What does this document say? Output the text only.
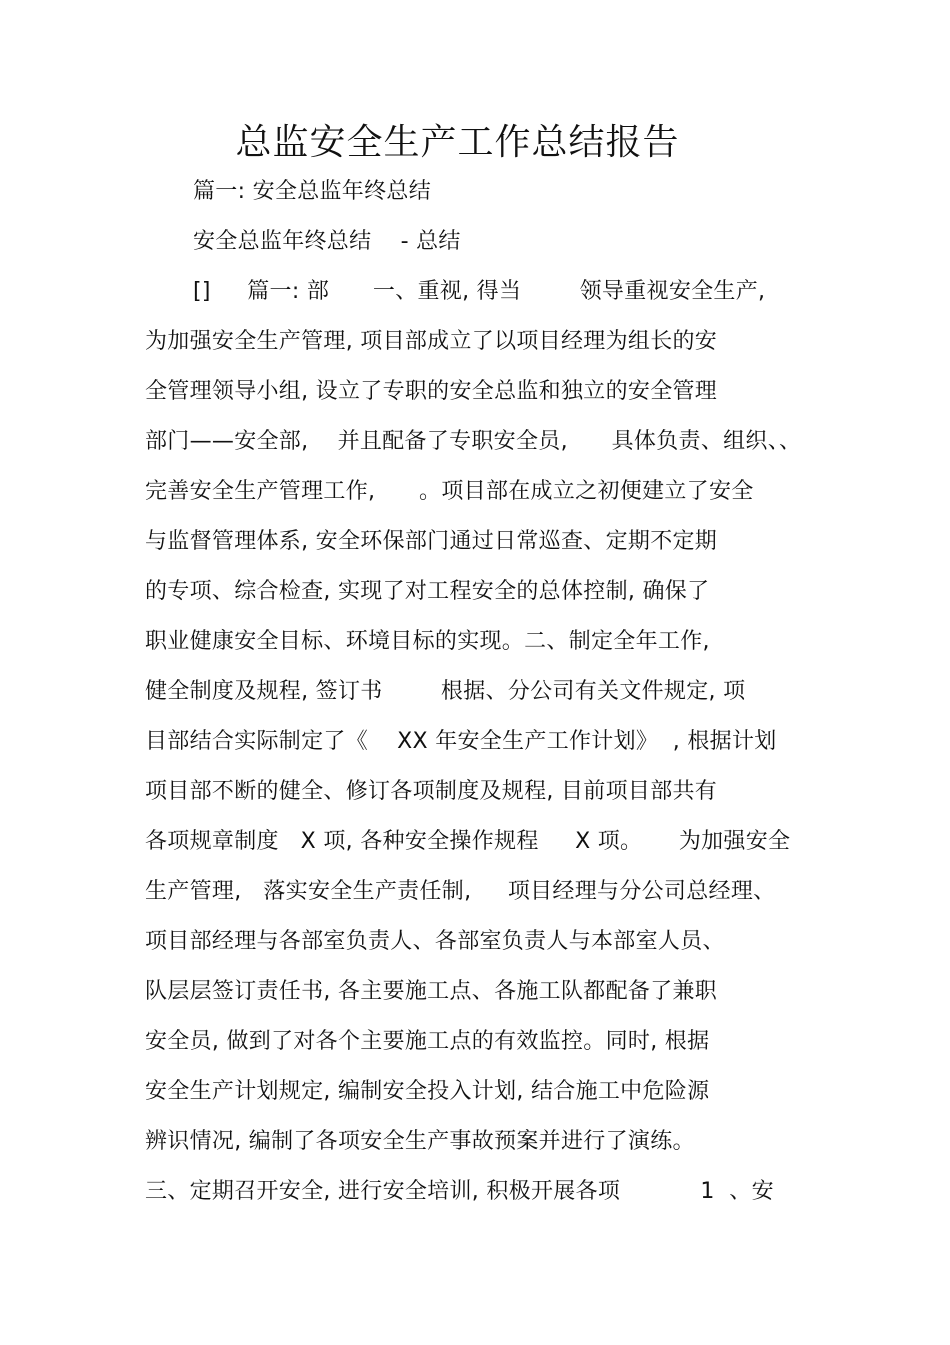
总监安全生产工作总结报告
篇一: 安全总监年终总结
安全总监年终总结    - 总结
[]     篇一: 部      一、重视, 得当        领导重视安全生产,
为加强安全生产管理, 项目部成立了以项目经理为组长的安
全管理领导小组, 设立了专职的安全总监和独立的安全管理
部门——安全部,    并且配备了专职安全员,      具体负责、组织、、
完善安全生产管理工作,      。项目部在成立之初便建立了安全
与监督管理体系, 安全环保部门通过日常巡查、定期不定期
的专项、综合检查, 实现了对工程安全的总体控制, 确保了
职业健康安全目标、环境目标的实现。二、制定全年工作,
健全制度及规程, 签订书        根据、分公司有关文件规定, 项
目部结合实际制定了《    XX 年安全生产工作计划》  , 根据计划
项目部不断的健全、修订各项制度及规程, 目前项目部共有
各项规章制度   X 项, 各种安全操作规程     X 项。     为加强安全
生产管理,   落实安全生产责任制,     项目经理与分公司总经理、
项目部经理与各部室负责人、各部室负责人与本部室人员、
队层层签订责任书, 各主要施工点、各施工队都配备了兼职
安全员, 做到了对各个主要施工点的有效监控。同时, 根据
安全生产计划规定, 编制安全投入计划, 结合施工中危险源
辨识情况, 编制了各项安全生产事故预案并进行了演练。
三、定期召开安全, 进行安全培训, 积极开展各项           1  、安
